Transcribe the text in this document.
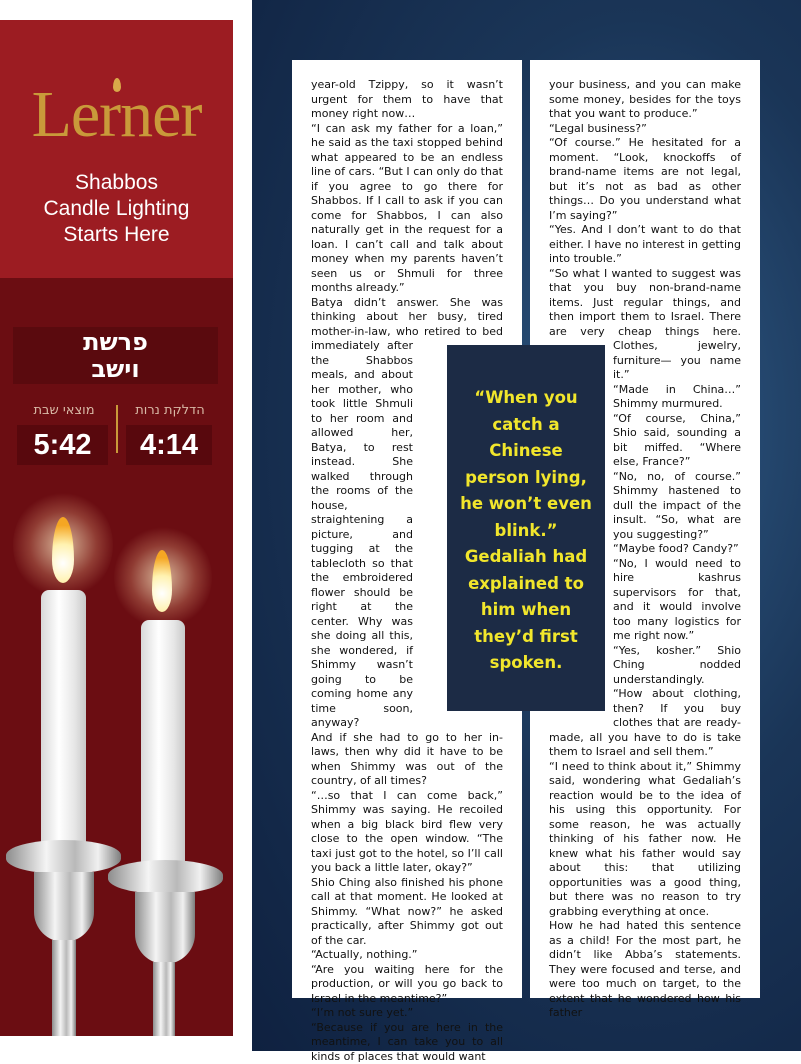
Lerner
Shabbos
Candle Lighting
Starts Here
פרשת
וישב
מוצאי שבת	הדלקת נרות
5:42	4:14

year-old Tzippy, so it wasn’t urgent for them to have that money right now…

“I can ask my father for a loan,” he said as the taxi stopped behind what appeared to be an endless line of cars. “But I can only do that if you agree to go there for Shabbos. If I call to ask if you can come for Shabbos, I can also naturally get in the request for a loan. I can’t call and talk about money when my parents haven’t seen us or Shmuli for three months already.”

Batya didn’t answer. She was thinking about her busy, tired mother-in-law, who retired to bed immediately after the Shabbos meals, and about her mother, who took little Shmuli to her room and allowed her, Batya, to rest instead. She walked through the rooms of the house, straightening a picture, and tugging at the tablecloth so that the embroidered flower should be right at the center. Why was she doing all this, she wondered, if Shimmy wasn’t going to be coming home any time soon, anyway?

And if she had to go to her in-laws, then why did it have to be when Shimmy was out of the country, of all times?

“…so that I can come back,” Shimmy was saying. He recoiled when a big black bird flew very close to the open window. “The taxi just got to the hotel, so I’ll call you back a little later, okay?”

Shio Ching also finished his phone call at that moment. He looked at Shimmy. “What now?” he asked practically, after Shimmy got out of the car.

“Actually, nothing.”

“Are you waiting here for the production, or will you go back to Israel in the meantime?”

“I’m not sure yet.”

“Because if you are here in the meantime, I can take you to all kinds of places that would want

your business, and you can make some money, besides for the toys that you want to produce.”

“Legal business?”

“Of course.” He hesitated for a moment. “Look, knockoffs of brand-name items are not legal, but it’s not as bad as other things… Do you understand what I’m saying?”

“Yes. And I don’t want to do that either. I have no interest in getting into trouble.”

“So what I wanted to suggest was that you buy non-brand-name items. Just regular things, and then import them to Israel. There are very cheap things here. Clothes, jewelry, furniture— you name it.”

“Made in China…” Shimmy murmured.

“Of course, China,” Shio said, sounding a bit miffed. “Where else, France?”

“No, no, of course.” Shimmy hastened to dull the impact of the insult. “So, what are you suggesting?”

“Maybe food? Candy?”

“No, I would need to hire kashrus supervisors for that, and it would involve too many logistics for me right now.”

“Yes, kosher.” Shio Ching nodded understandingly.

“How about clothing, then? If you buy clothes that are ready-made, all you have to do is take them to Israel and sell them.”

“I need to think about it,” Shimmy said, wondering what Gedaliah’s reaction would be to the idea of his using this opportunity. For some reason, he was actually thinking of his father now. He knew what his father would say about this: that utilizing opportunities was a good thing, but there was no reason to try grabbing everything at once.

How he had hated this sentence as a child! For the most part, he didn’t like Abba’s statements. They were focused and terse, and were too much on target, to the extent that he wondered how his father

“When you catch a Chinese person lying, he won’t even blink.” Gedaliah had explained to him when they’d first spoken.
